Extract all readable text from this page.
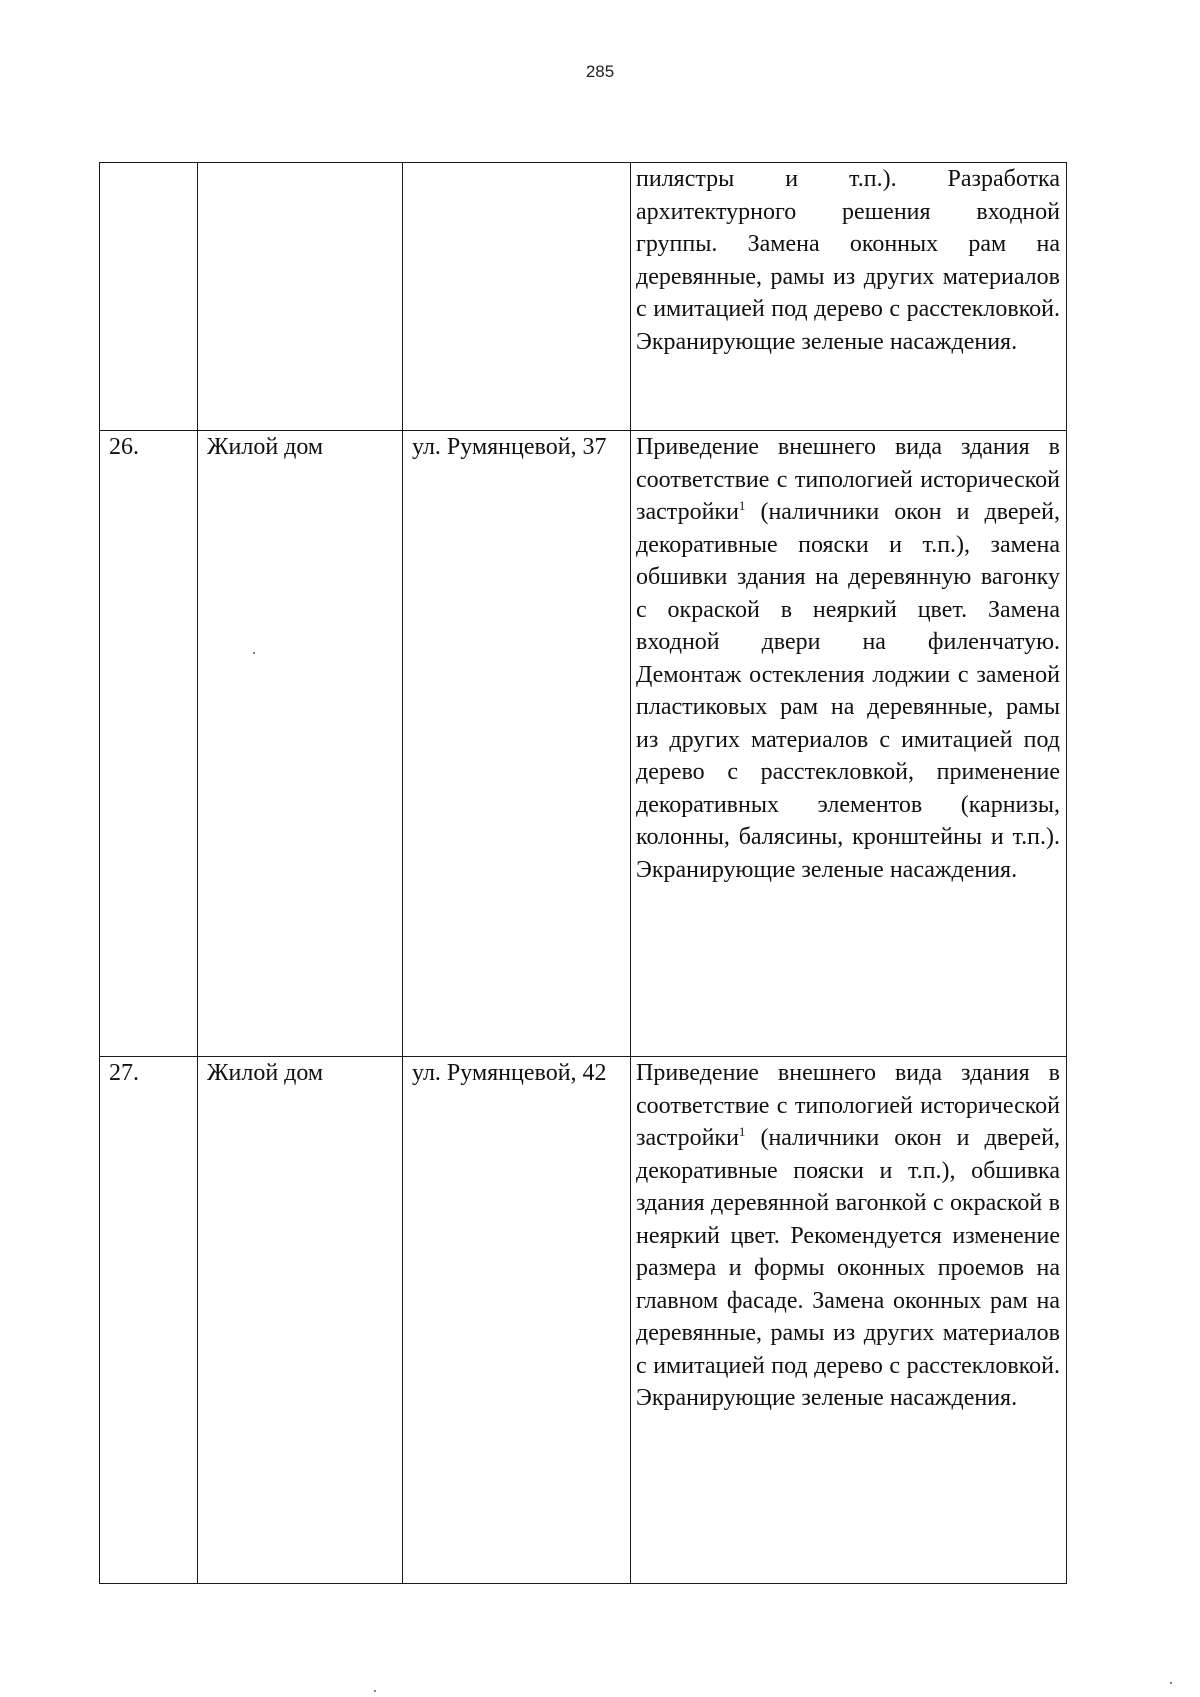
285
			пилястры и т.п.). Разработка архитектурного решения входной группы. Замена оконных рам на деревянные, рамы из других материалов с имитацией под дерево с расстекловкой. Экранирующие зеленые насаждения.
26.	Жилой дом	ул. Румянцевой, 37	Приведение внешнего вида здания в соответствие с типологией исторической застройки$^1$ (наличники окон и дверей, декоративные пояски и т.п.), замена обшивки здания на деревянную вагонку с окраской в неяркий цвет. Замена входной двери на филенчатую. Демонтаж остекления лоджии с заменой пластиковых рам на деревянные, рамы из других материалов с имитацией под дерево с расстекловкой, применение декоративных элементов (карнизы, колонны, балясины, кронштейны и т.п.). Экранирующие зеленые насаждения.
27.	Жилой дом	ул. Румянцевой, 42	Приведение внешнего вида здания в соответствие с типологией исторической застройки$^1$ (наличники окон и дверей, декоративные пояски и т.п.), обшивка здания деревянной вагонкой с окраской в неяркий цвет. Рекомендуется изменение размера и формы оконных проемов на главном фасаде. Замена оконных рам на деревянные, рамы из других материалов с имитацией под дерево с расстекловкой. Экранирующие зеленые насаждения.
